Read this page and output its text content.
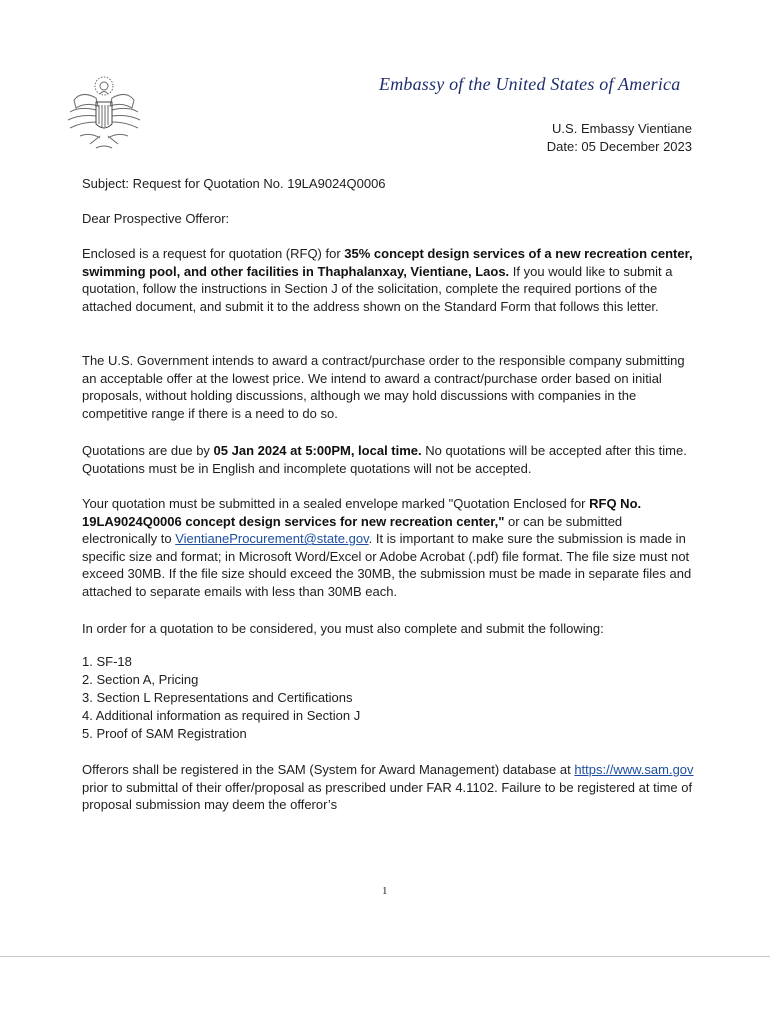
Embassy of the United States of America
U.S. Embassy Vientiane
Date: 05 December 2023

Subject: Request for Quotation No. 19LA9024Q0006

Dear Prospective Offeror:

Enclosed is a request for quotation (RFQ) for 35% concept design services of a new recreation center, swimming pool, and other facilities in Thaphalanxay, Vientiane, Laos. If you would like to submit a quotation, follow the instructions in Section J of the solicitation, complete the required portions of the attached document, and submit it to the address shown on the Standard Form that follows this letter.

The U.S. Government intends to award a contract/purchase order to the responsible company submitting an acceptable offer at the lowest price. We intend to award a contract/purchase order based on initial proposals, without holding discussions, although we may hold discussions with companies in the competitive range if there is a need to do so.

Quotations are due by 05 Jan 2024 at 5:00PM, local time. No quotations will be accepted after this time. Quotations must be in English and incomplete quotations will not be accepted.

Your quotation must be submitted in a sealed envelope marked "Quotation Enclosed for RFQ No. 19LA9024Q0006 concept design services for new recreation center," or can be submitted electronically to VientianeProcurement@state.gov. It is important to make sure the submission is made in specific size and format; in Microsoft Word/Excel or Adobe Acrobat (.pdf) file format. The file size must not exceed 30MB. If the file size should exceed the 30MB, the submission must be made in separate files and attached to separate emails with less than 30MB each.

In order for a quotation to be considered, you must also complete and submit the following:

1. SF-18
2. Section A, Pricing
3. Section L Representations and Certifications
4. Additional information as required in Section J
5. Proof of SAM Registration

Offerors shall be registered in the SAM (System for Award Management) database at https://www.sam.gov prior to submittal of their offer/proposal as prescribed under FAR 4.1102. Failure to be registered at time of proposal submission may deem the offeror’s

1
